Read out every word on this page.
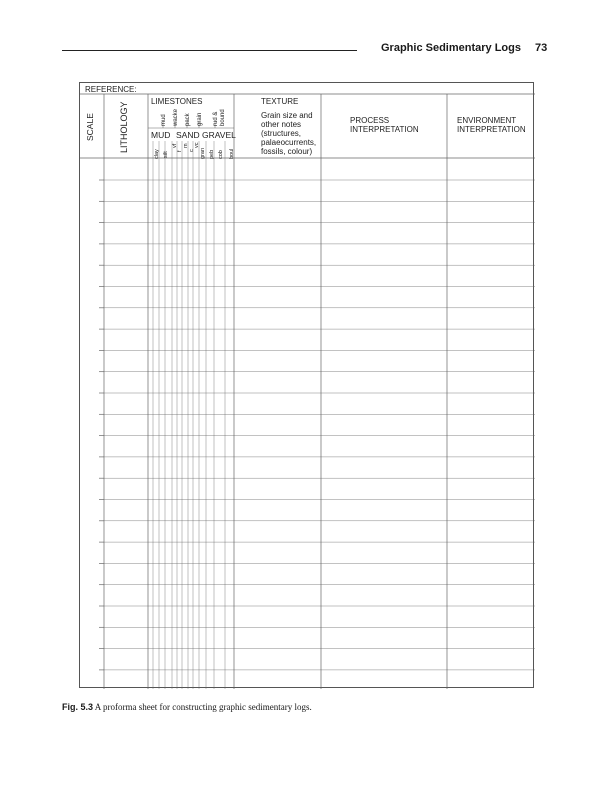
Graphic Sedimentary Logs 73
REFERENCE:
SCALE	LITHOLOGY	LIMESTONES
mud wacke pack grain rud & bound
MUD SAND GRAVEL
clay silt
vf
f
m
c
vc
gran peb cob boul
TEXTURE
Grain size and
other notes
(structures,
palaeocurrents,
fossils, colour)
PROCESS
INTERPRETATION
ENVIRONMENT
INTERPRETATION
Fig. 5.3 A proforma sheet for constructing graphic sedimentary logs.
